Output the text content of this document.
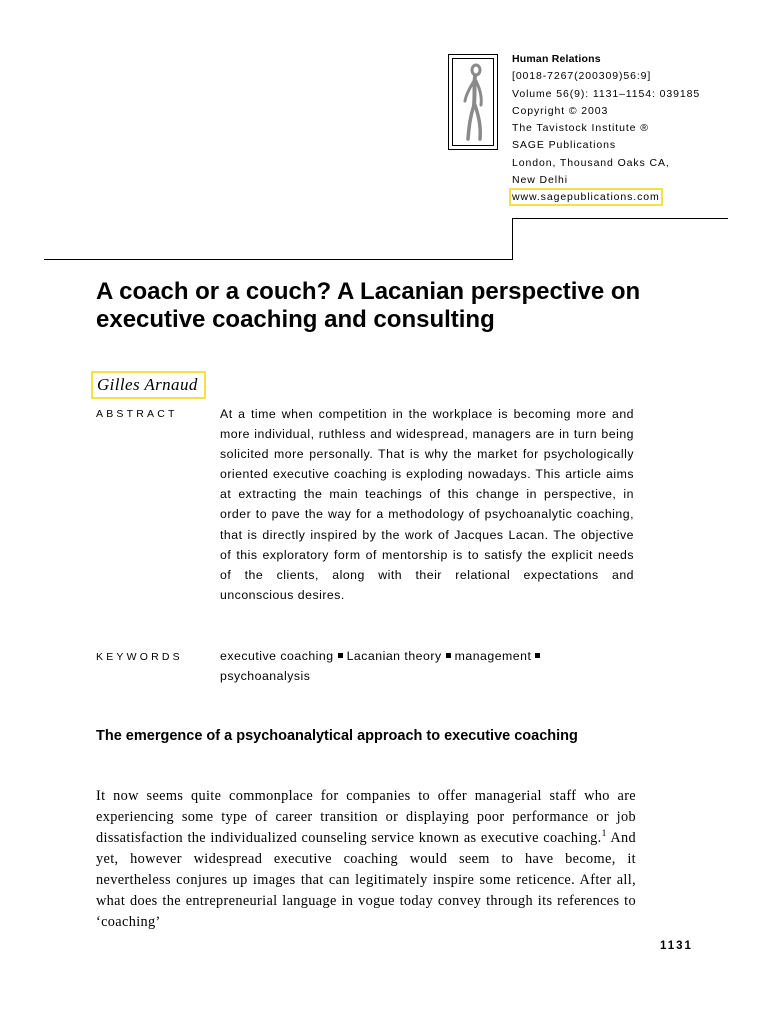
Human Relations
[0018-7267(200309)56:9]
Volume 56(9): 1131–1154: 039185
Copyright © 2003
The Tavistock Institute ®
SAGE Publications
London, Thousand Oaks CA,
New Delhi
www.sagepublications.com
A coach or a couch? A Lacanian perspective on executive coaching and consulting
Gilles Arnaud
ABSTRACT	At a time when competition in the workplace is becoming more and more individual, ruthless and widespread, managers are in turn being solicited more personally. That is why the market for psychologically oriented executive coaching is exploding nowadays. This article aims at extracting the main teachings of this change in perspective, in order to pave the way for a methodology of psychoanalytic coaching, that is directly inspired by the work of Jacques Lacan. The objective of this exploratory form of mentorship is to satisfy the explicit needs of the clients, along with their relational expectations and unconscious desires.
KEYWORDS	executive coaching Lacanian theory management psychoanalysis
The emergence of a psychoanalytical approach to executive coaching

It now seems quite commonplace for companies to offer managerial staff who are experiencing some type of career transition or displaying poor performance or job dissatisfaction the individualized counseling service known as executive coaching.$^1$ And yet, however widespread executive coaching would seem to have become, it nevertheless conjures up images that can legitimately inspire some reticence. After all, what does the entrepreneurial language in vogue today convey through its references to ‘coaching’

1131
